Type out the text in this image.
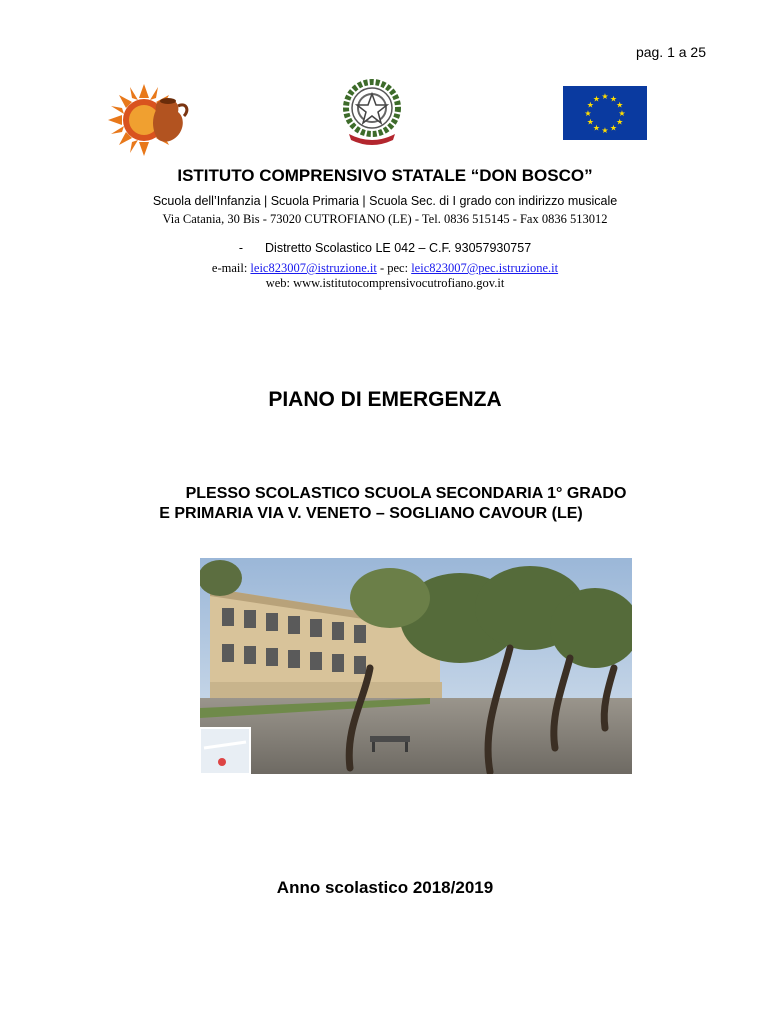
pag. 1 a 25
★ ★
★
★
★
★
★
★
★
★
★
★
ISTITUTO COMPRENSIVO STATALE “DON BOSCO”
Scuola dell’Infanzia | Scuola Primaria | Scuola Sec. di I grado con indirizzo musicale
Via Catania, 30 Bis - 73020 CUTROFIANO (LE) - Tel. 0836 515145 - Fax 0836 513012
- Distretto Scolastico LE 042 – C.F. 93057930757
e-mail: leic823007@istruzione.it - pec: leic823007@pec.istruzione.it
web: www.istitutocomprensivocutrofiano.gov.it
PIANO DI EMERGENZA
PLESSO SCOLASTICO SCUOLA SECONDARIA 1° GRADO
E PRIMARIA VIA V. VENETO – SOGLIANO CAVOUR (LE)
Anno scolastico 2018/2019
